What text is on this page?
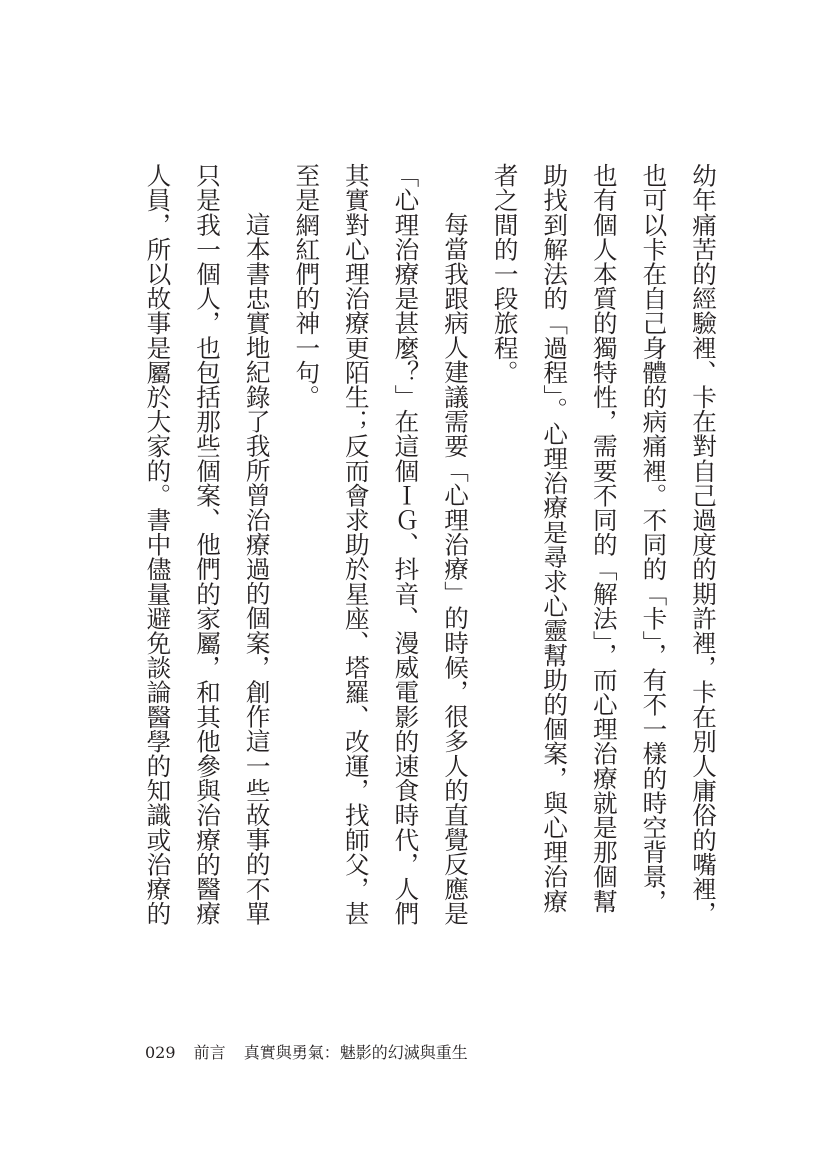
幼年痛苦的經驗裡、卡在對自己過度的期許裡，卡在別人庸俗的嘴裡，
也可以卡在自己身體的病痛裡。不同的「卡」，有不一樣的時空背景，
也有個人本質的獨特性，需要不同的「解法」，而心理治療就是那個幫
助找到解法的「過程」。心理治療是尋求心靈幫助的個案，與心理治療
者之間的一段旅程。
每當我跟病人建議需要「心理治療」的時候，很多人的直覺反應是
「心理治療是甚麼？」在這個ＩＧ、抖音、漫威電影的速食時代，人們
其實對心理治療更陌生；反而會求助於星座、塔羅、改運，找師父，甚
至是網紅們的神一句。
這本書忠實地紀錄了我所曾治療過的個案，創作這一些故事的不單
只是我一個人，也包括那些個案、他們的家屬，和其他參與治療的醫療
人員，所以故事是屬於大家的。書中儘量避免談論醫學的知識或治療的
029 前言 真實與勇氣：魅影的幻滅與重生
